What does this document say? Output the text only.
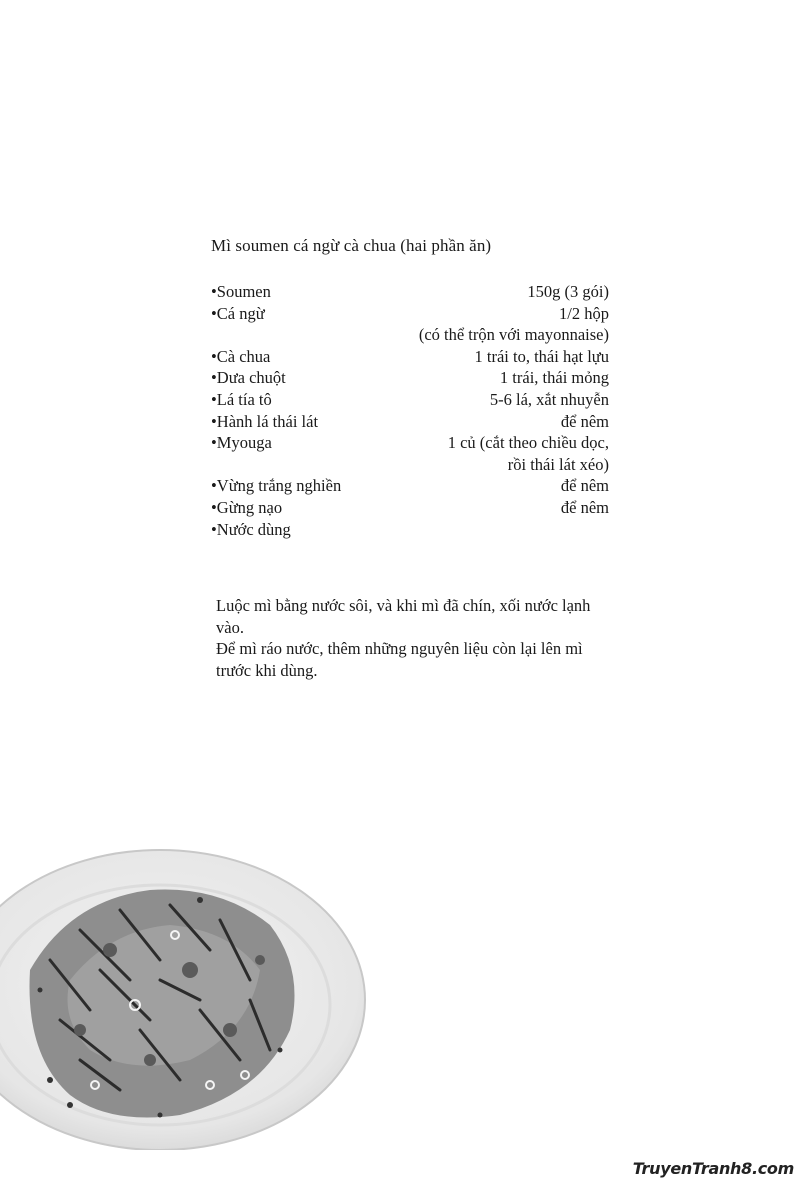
Mì soumen cá ngừ cà chua (hai phần ăn)
•Soumen	150g (3 gói)
•Cá ngừ	1/2 hộp
(có thể trộn với mayonnaise)
•Cà chua	1 trái to, thái hạt lựu
•Dưa chuột	1 trái, thái mỏng
•Lá tía tô	5-6 lá, xắt nhuyễn
•Hành lá thái lát	để nêm
•Myouga	1 củ (cắt theo chiều dọc,
rồi thái lát xéo)
•Vừng trắng nghiền	để nêm
•Gừng nạo	để nêm
•Nước dùng

Luộc mì bằng nước sôi, và khi mì đã chín, xối nước lạnh vào.

Để mì ráo nước, thêm những nguyên liệu còn lại lên mì trước khi dùng.

TruyenTranh8.com
